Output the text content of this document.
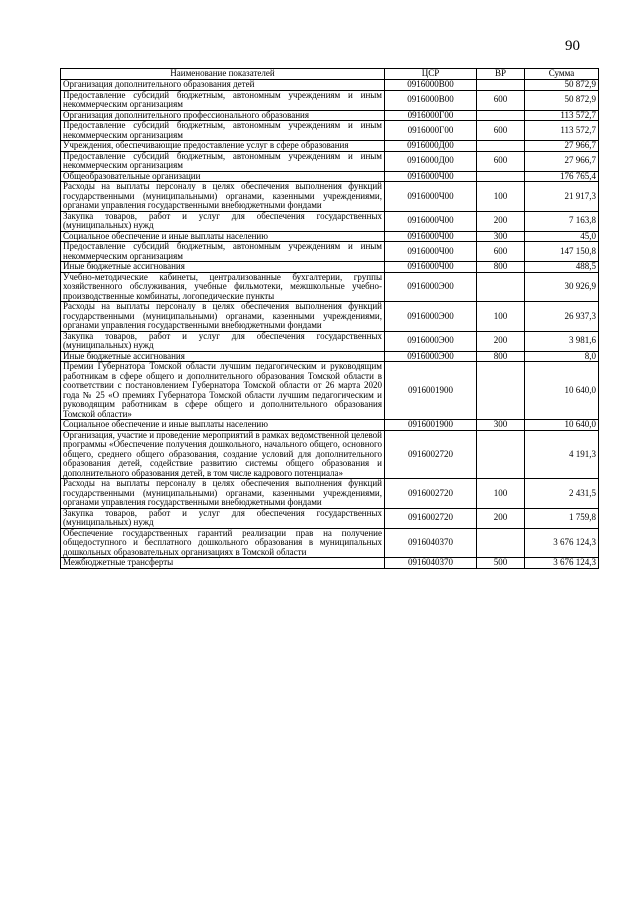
90
Наименование показателей	ЦСР	ВР	Сумма
Организация дополнительного образования детей	0916000В00		50 872,9
Предоставление субсидий бюджетным, автономным учреждениям и иным некоммерческим организациям	0916000В00	600	50 872,9
Организация дополнительного профессионального образования	0916000Г00		113 572,7
Предоставление субсидий бюджетным, автономным учреждениям и иным некоммерческим организациям	0916000Г00	600	113 572,7
Учреждения, обеспечивающие предоставление услуг в сфере образования	0916000Д00		27 966,7
Предоставление субсидий бюджетным, автономным учреждениям и иным некоммерческим организациям	0916000Д00	600	27 966,7
Общеобразовательные организации	0916000Ч00		176 765,4
Расходы на выплаты персоналу в целях обеспечения выполнения функций государственными (муниципальными) органами, казенными учреждениями, органами управления государственными внебюджетными фондами	0916000Ч00	100	21 917,3
Закупка товаров, работ и услуг для обеспечения государственных (муниципальных) нужд	0916000Ч00	200	7 163,8
Социальное обеспечение и иные выплаты населению	0916000Ч00	300	45,0
Предоставление субсидий бюджетным, автономным учреждениям и иным некоммерческим организациям	0916000Ч00	600	147 150,8
Иные бюджетные ассигнования	0916000Ч00	800	488,5
Учебно-методические кабинеты, централизованные бухгалтерии, группы хозяйственного обслуживания, учебные фильмотеки, межшкольные учебно-производственные комбинаты, логопедические пункты	0916000Э00		30 926,9
Расходы на выплаты персоналу в целях обеспечения выполнения функций государственными (муниципальными) органами, казенными учреждениями, органами управления государственными внебюджетными фондами	0916000Э00	100	26 937,3
Закупка товаров, работ и услуг для обеспечения государственных (муниципальных) нужд	0916000Э00	200	3 981,6
Иные бюджетные ассигнования	0916000Э00	800	8,0
Премии Губернатора Томской области лучшим педагогическим и руководящим работникам в сфере общего и дополнительного образования Томской области в соответствии с постановлением Губернатора Томской области от 26 марта 2020 года № 25 «О премиях Губернатора Томской области лучшим педагогическим и руководящим работникам в сфере общего и дополнительного образования Томской области»	0916001900		10 640,0
Социальное обеспечение и иные выплаты населению	0916001900	300	10 640,0
Организация, участие и проведение мероприятий в рамках ведомственной целевой программы «Обеспечение получения дошкольного, начального общего, основного общего, среднего общего образования, создание условий для дополнительного образования детей, содействие развитию системы общего образования и дополнительного образования детей, в том числе кадрового потенциала»	0916002720		4 191,3
Расходы на выплаты персоналу в целях обеспечения выполнения функций государственными (муниципальными) органами, казенными учреждениями, органами управления государственными внебюджетными фондами	0916002720	100	2 431,5
Закупка товаров, работ и услуг для обеспечения государственных (муниципальных) нужд	0916002720	200	1 759,8
Обеспечение государственных гарантий реализации прав на получение общедоступного и бесплатного дошкольного образования в муниципальных дошкольных образовательных организациях в Томской области	0916040370		3 676 124,3
Межбюджетные трансферты	0916040370	500	3 676 124,3
